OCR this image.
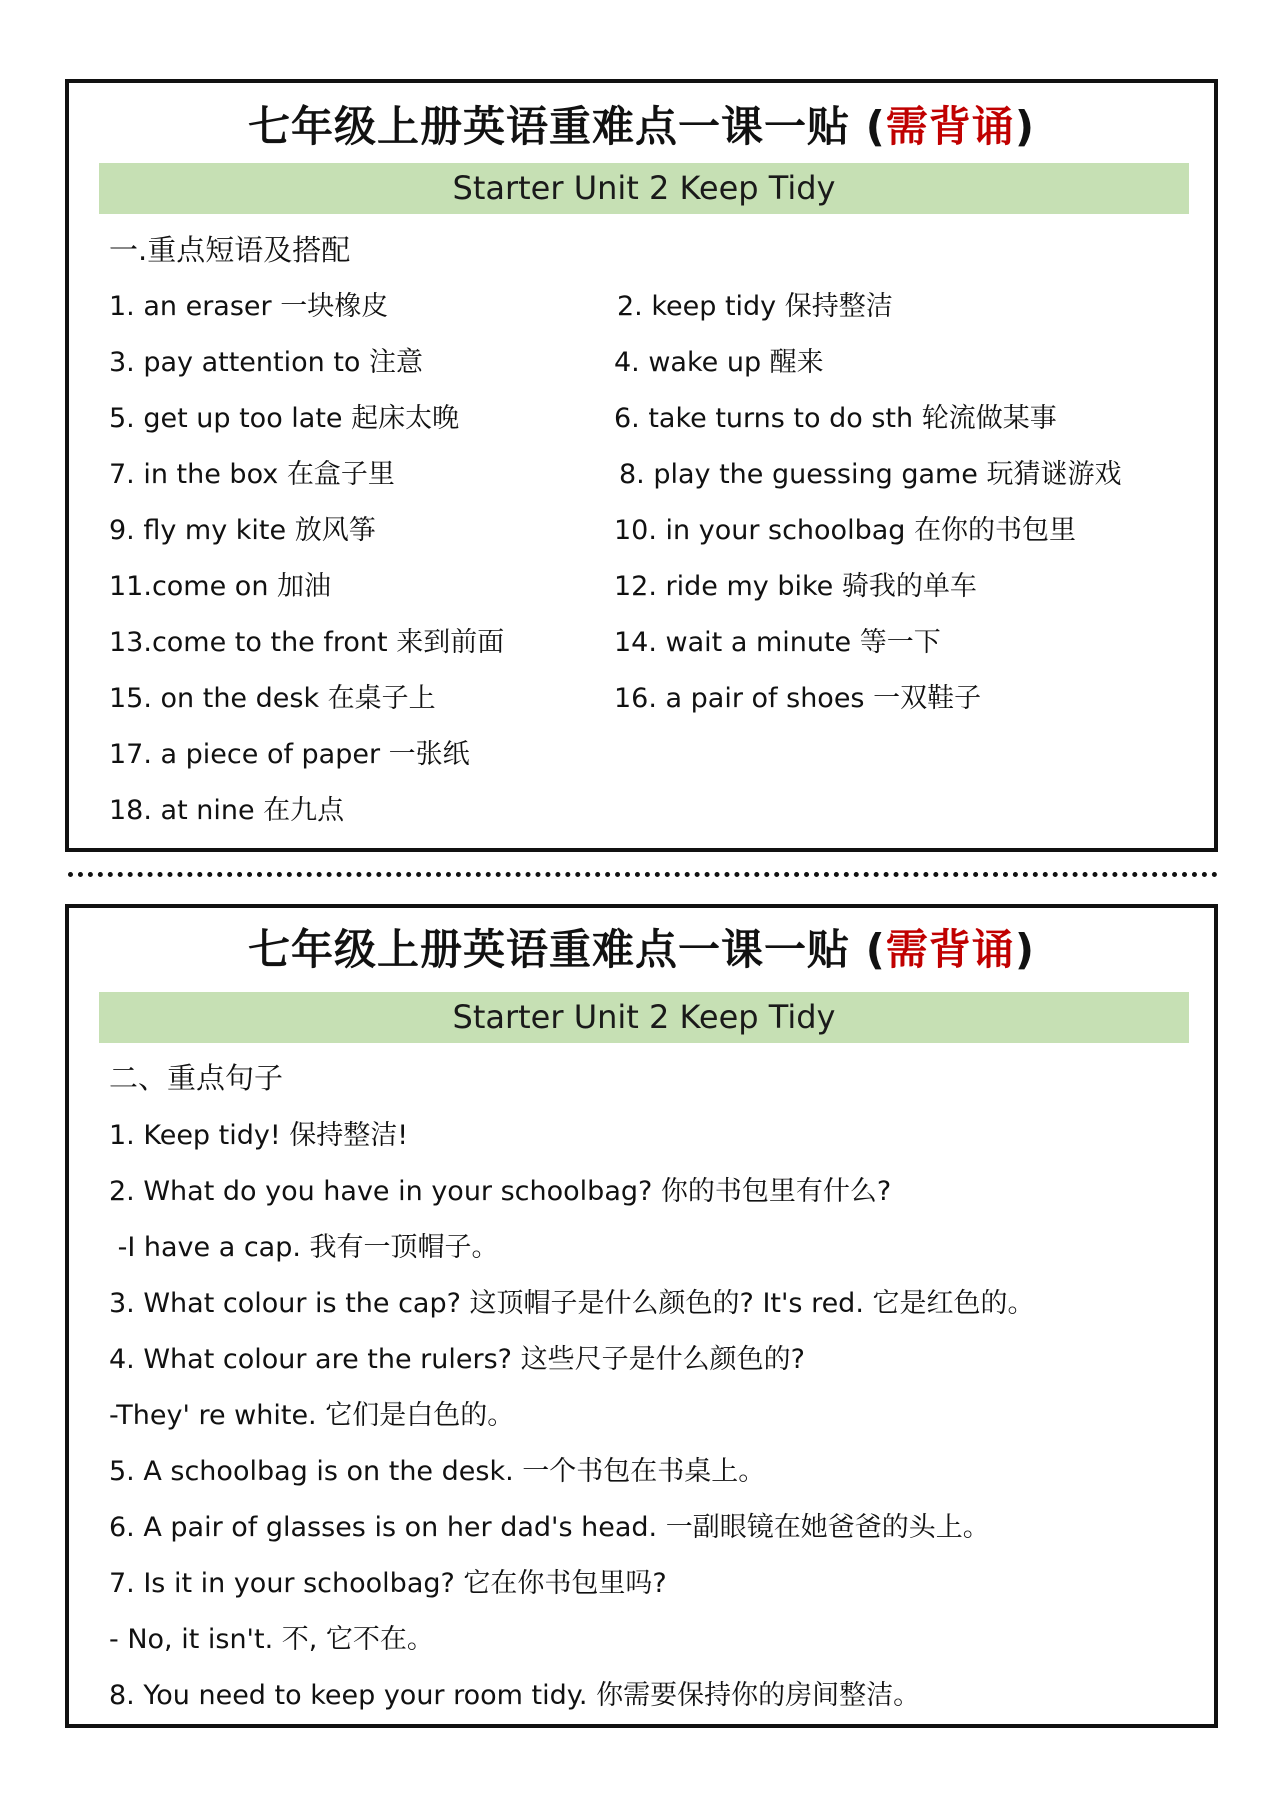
七年级上册英语重难点一课一贴 (需背诵)
Starter Unit 2 Keep Tidy
一.重点短语及搭配
1. an eraser 一块橡皮	2. keep tidy 保持整洁
3. pay attention to 注意	4. wake up 醒来
5. get up too late 起床太晚	6. take turns to do sth 轮流做某事
7. in the box 在盒子里	8. play the guessing game 玩猜谜游戏
9. fly my kite 放风筝	10. in your schoolbag 在你的书包里
11.come on 加油	12. ride my bike 骑我的单车
13.come to the front 来到前面	14. wait a minute 等一下
15. on the desk 在桌子上	16. a pair of shoes 一双鞋子
17. a piece of paper 一张纸
18. at nine 在九点
七年级上册英语重难点一课一贴 (需背诵)
Starter Unit 2 Keep Tidy
二、重点句子
1. Keep tidy! 保持整洁!
2. What do you have in your schoolbag? 你的书包里有什么?
-I have a cap. 我有一顶帽子。
3. What colour is the cap? 这顶帽子是什么颜色的? It's red. 它是红色的。
4. What colour are the rulers? 这些尺子是什么颜色的?
-They' re white. 它们是白色的。
5. A schoolbag is on the desk. 一个书包在书桌上。
6. A pair of glasses is on her dad's head. 一副眼镜在她爸爸的头上。
7. Is it in your schoolbag? 它在你书包里吗?
- No, it isn't. 不, 它不在。
8. You need to keep your room tidy. 你需要保持你的房间整洁。
